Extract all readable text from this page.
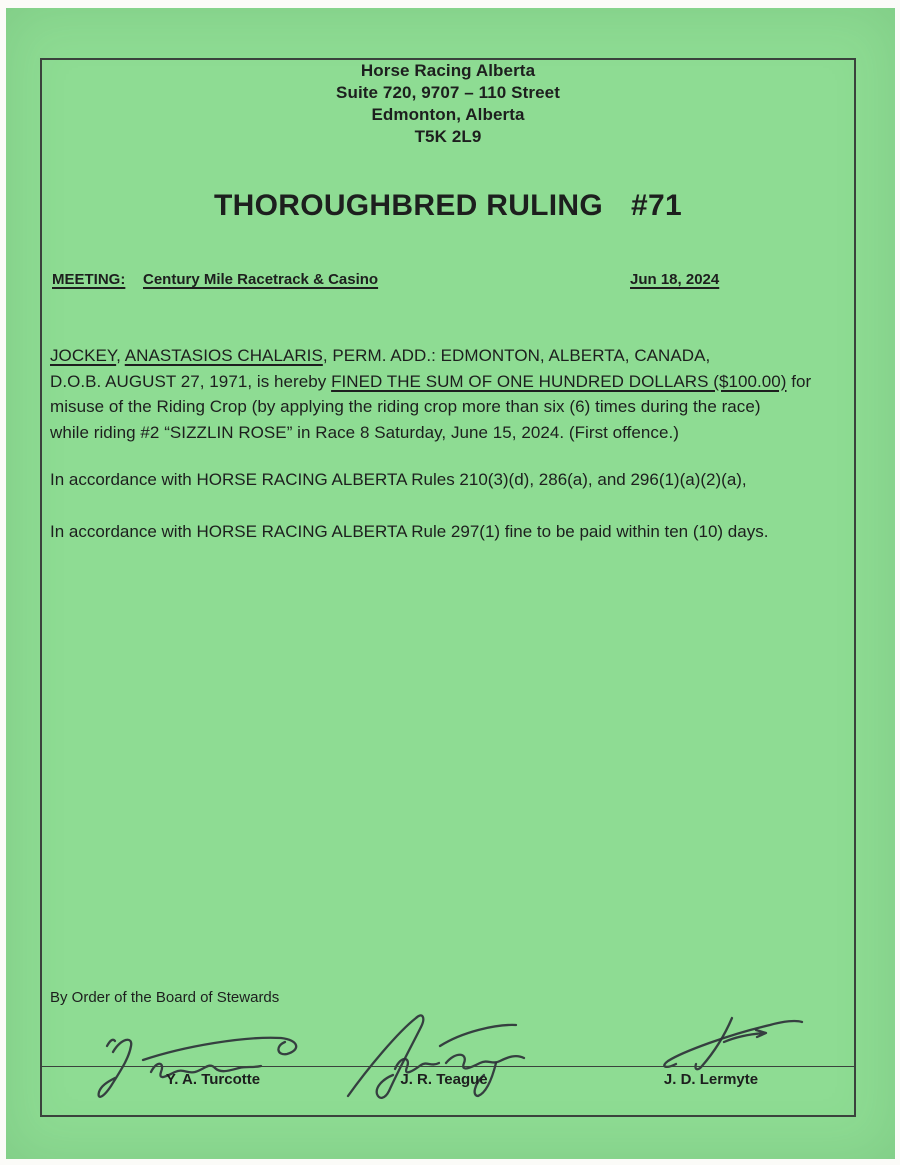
Horse Racing Alberta
Suite 720, 9707 – 110 Street
Edmonton, Alberta
T5K 2L9
THOROUGHBRED RULING #71
MEETING: Century Mile Racetrack & Casino	Jun 18, 2024
JOCKEY, ANASTASIOS CHALARIS, PERM. ADD.: EDMONTON, ALBERTA, CANADA,
D.O.B. AUGUST 27, 1971, is hereby FINED THE SUM OF ONE HUNDRED DOLLARS ($100.00) for
misuse of the Riding Crop (by applying the riding crop more than six (6) times during the race)
while riding #2 “SIZZLIN ROSE” in Race 8 Saturday, June 15, 2024. (First offence.)
In accordance with HORSE RACING ALBERTA Rules 210(3)(d), 286(a), and 296(1)(a)(2)(a),
In accordance with HORSE RACING ALBERTA Rule 297(1) fine to be paid within ten (10) days.
By Order of the Board of Stewards
Y. A. Turcotte	J. R. Teague	J. D. Lermyte
